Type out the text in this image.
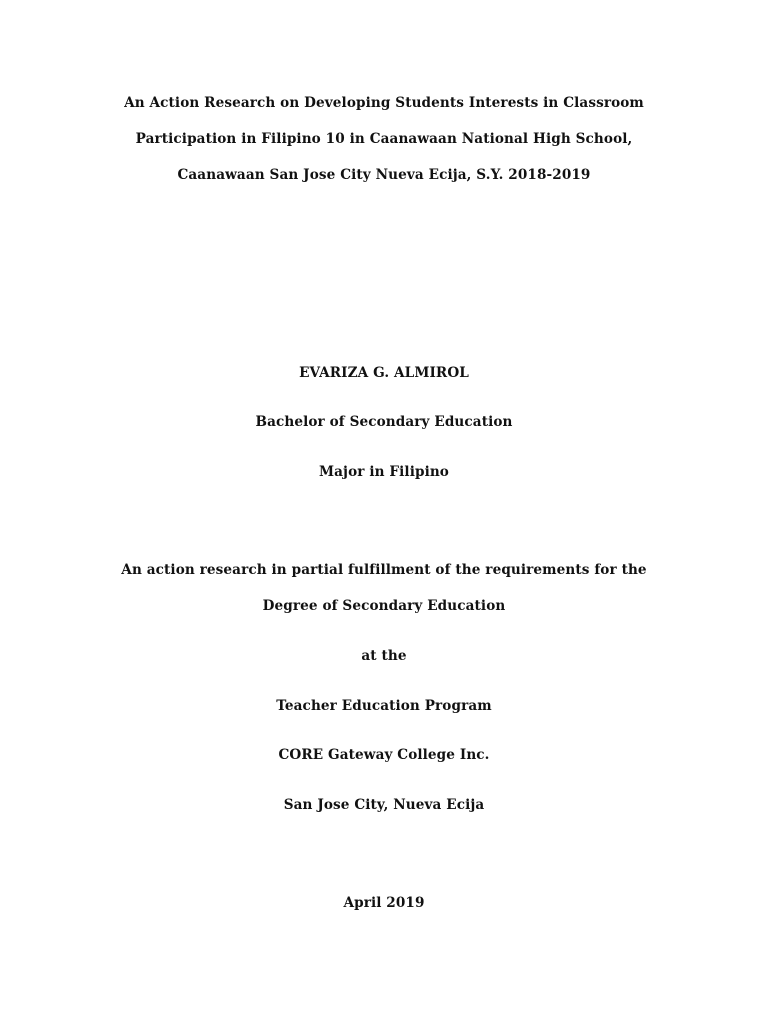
An Action Research on Developing Students Interests in Classroom
Participation in Filipino 10 in Caanawaan National High School,
Caanawaan San Jose City Nueva Ecija, S.Y. 2018-2019
EVARIZA G. ALMIROL
Bachelor of Secondary Education
Major in Filipino
An action research in partial fulfillment of the requirements for the
Degree of Secondary Education
at the
Teacher Education Program
CORE Gateway College Inc.
San Jose City, Nueva Ecija
April 2019
